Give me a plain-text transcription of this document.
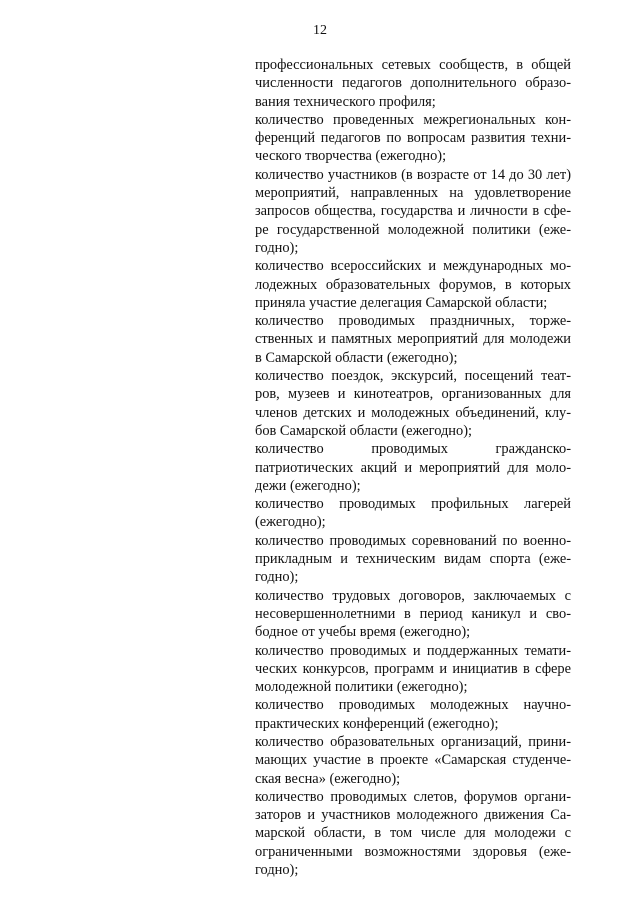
12

профессиональных сетевых сообществ, в общей
численности педагогов дополнительного образо-
вания технического профиля;

количество проведенных межрегиональных кон-
ференций педагогов по вопросам развития техни-
ческого творчества (ежегодно);

количество участников (в возрасте от 14 до 30 лет)
мероприятий, направленных на удовлетворение
запросов общества, государства и личности в сфе-
ре государственной молодежной политики (еже-
годно);

количество всероссийских и международных мо-
лодежных образовательных форумов, в которых
приняла участие делегация Самарской области;

количество проводимых праздничных, торже-
ственных и памятных мероприятий для молодежи
в Самарской области (ежегодно);

количество поездок, экскурсий, посещений теат-
ров, музеев и кинотеатров, организованных для
членов детских и молодежных объединений, клу-
бов Самарской области (ежегодно);

количество проводимых гражданско-
патриотических акций и мероприятий для моло-
дежи (ежегодно);

количество проводимых профильных лагерей
(ежегодно);

количество проводимых соревнований по военно-
прикладным и техническим видам спорта (еже-
годно);

количество трудовых договоров, заключаемых с
несовершеннолетними в период каникул и сво-
бодное от учебы время (ежегодно);

количество проводимых и поддержанных темати-
ческих конкурсов, программ и инициатив в сфере
молодежной политики (ежегодно);

количество проводимых молодежных научно-
практических конференций (ежегодно);

количество образовательных организаций, прини-
мающих участие в проекте «Самарская студенче-
ская весна» (ежегодно);

количество проводимых слетов, форумов органи-
заторов и участников молодежного движения Са-
марской области, в том числе для молодежи с
ограниченными возможностями здоровья (еже-
годно);
